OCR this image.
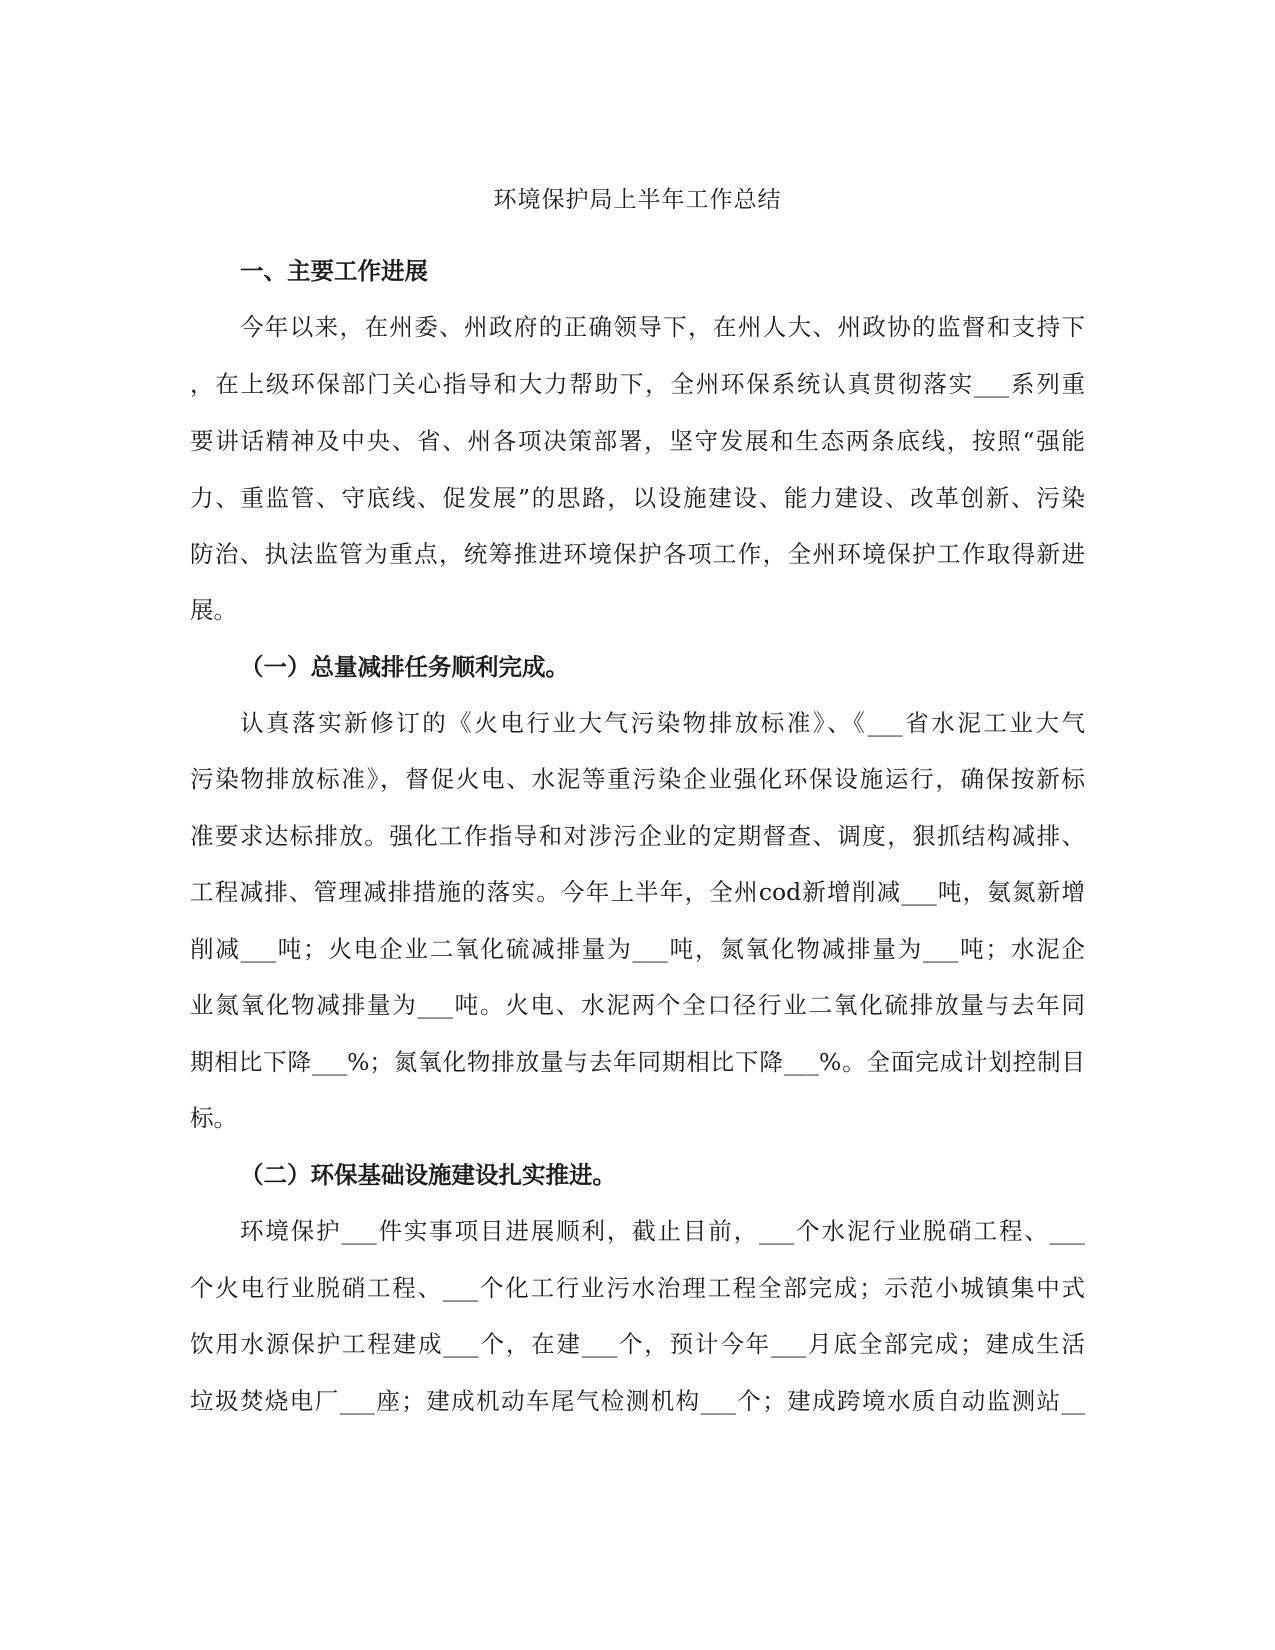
环境保护局上半年工作总结
一、主要工作进展
今年以来，在州委、州政府的正确领导下，在州人大、州政协的监督和支持下
，在上级环保部门关心指导和大力帮助下，全州环保系统认真贯彻落实___系列重
要讲话精神及中央、省、州各项决策部署，坚守发展和生态两条底线，按照“强能
力、重监管、守底线、促发展”的思路，以设施建设、能力建设、改革创新、污染
防治、执法监管为重点，统筹推进环境保护各项工作，全州环境保护工作取得新进
展。
（一）总量减排任务顺利完成。
认真落实新修订的《火电行业大气污染物排放标准》、《___省水泥工业大气
污染物排放标准》，督促火电、水泥等重污染企业强化环保设施运行，确保按新标
准要求达标排放。强化工作指导和对涉污企业的定期督查、调度，狠抓结构减排、
工程减排、管理减排措施的落实。今年上半年，全州cod新增削减___吨，氨氮新增
削减___吨；火电企业二氧化硫减排量为___吨，氮氧化物减排量为___吨；水泥企
业氮氧化物减排量为___吨。火电、水泥两个全口径行业二氧化硫排放量与去年同
期相比下降___%；氮氧化物排放量与去年同期相比下降___%。全面完成计划控制目
标。
（二）环保基础设施建设扎实推进。
环境保护___件实事项目进展顺利，截止目前，___个水泥行业脱硝工程、___
个火电行业脱硝工程、___个化工行业污水治理工程全部完成；示范小城镇集中式
饮用水源保护工程建成___个，在建___个，预计今年___月底全部完成；建成生活
垃圾焚烧电厂___座；建成机动车尾气检测机构___个；建成跨境水质自动监测站__
